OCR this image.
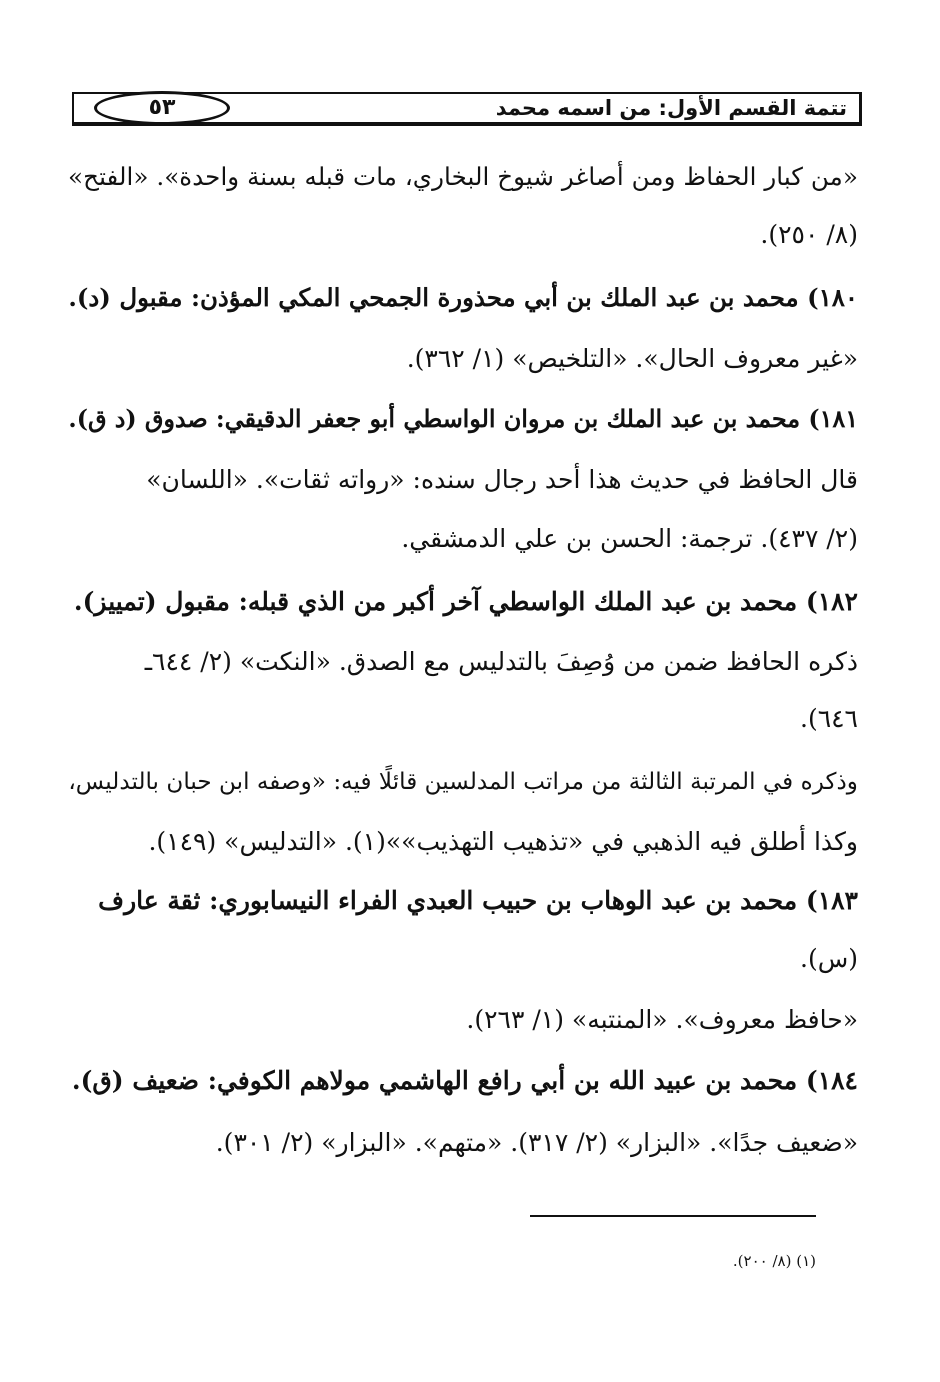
تتمة القسم الأول: من اسمه محمد
٥٣
«من كبار الحفاظ ومن أصاغر شيوخ البخاري، مات قبله بسنة واحدة». «الفتح»
(٨/ ٢٥٠).
١٨٠) محمد بن عبد الملك بن أبي محذورة الجمحي المكي المؤذن: مقبول (د).
«غير معروف الحال». «التلخيص» (١/ ٣٦٢).
١٨١) محمد بن عبد الملك بن مروان الواسطي أبو جعفر الدقيقي: صدوق (د ق).
قال الحافظ في حديث هذا أحد رجال سنده: «رواته ثقات». «اللسان»
(٢/ ٤٣٧). ترجمة: الحسن بن علي الدمشقي.
١٨٢) محمد بن عبد الملك الواسطي آخر أكبر من الذي قبله: مقبول (تمييز).
ذكره الحافظ ضمن من وُصِفَ بالتدليس مع الصدق. «النكت» (٢/ ٦٤٤ـ
٦٤٦).
وذكره في المرتبة الثالثة من مراتب المدلسين قائلًا فيه: «وصفه ابن حبان بالتدليس،
وكذا أطلق فيه الذهبي في «تذهيب التهذيب»»(١). «التدليس» (١٤٩).
١٨٣) محمد بن عبد الوهاب بن حبيب العبدي الفراء النيسابوري: ثقة عارف
(س).
«حافظ معروف». «المنتبه» (١/ ٢٦٣).
١٨٤) محمد بن عبيد الله بن أبي رافع الهاشمي مولاهم الكوفي: ضعيف (ق).
«ضعيف جدًا». «البزار» (٢/ ٣١٧). «متهم». «البزار» (٢/ ٣٠١).
(١) (٨/ ٢٠٠).
